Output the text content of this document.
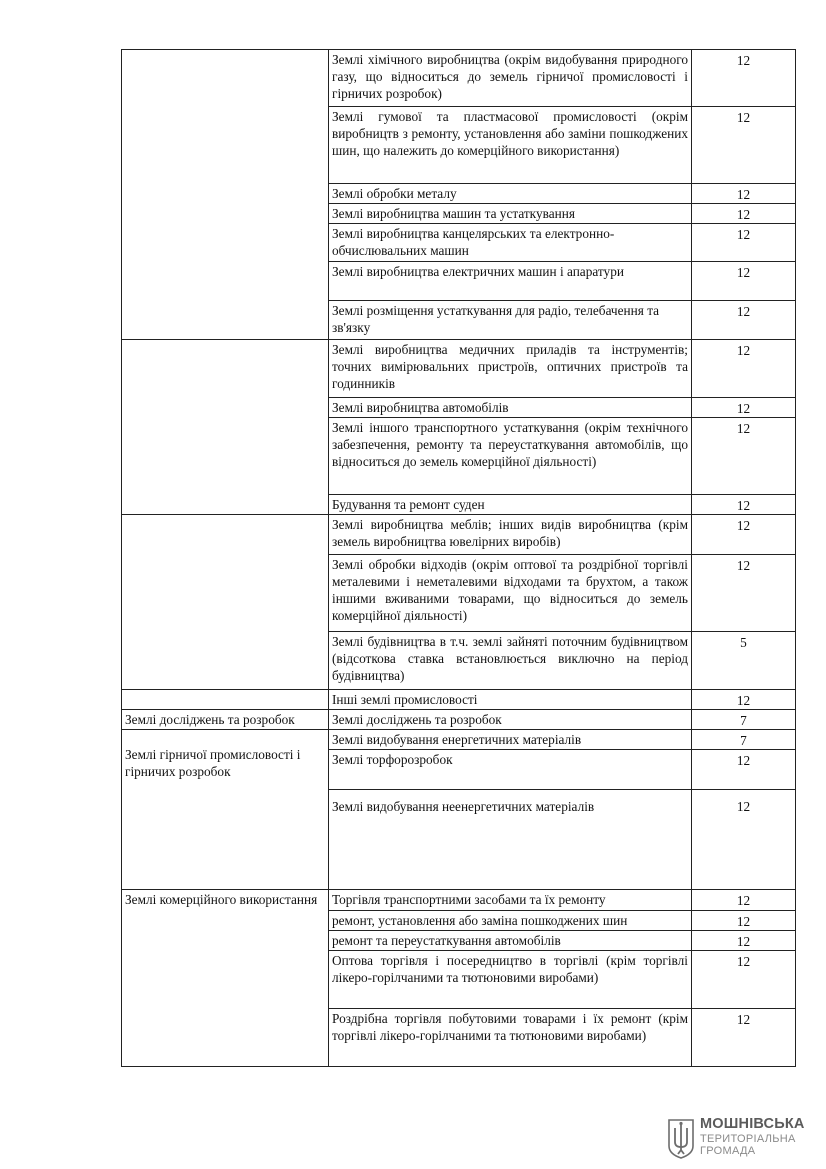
	Землі хімічного виробництва (окрім видобування природного газу, що відноситься до земель гірничої промисловості і гірничих розробок)	12
	Землі гумової та пластмасової промисловості (окрім виробництв з ремонту, установлення або заміни пошкоджених шин, що належить до комерційного використання)	12
	Землі обробки металу	12
	Землі виробництва машин та устаткування	12
	Землі виробництва канцелярських та електронно-обчислювальних машин	12
	Землі виробництва електричних машин і апаратури	12
	Землі розміщення устаткування для радіо, телебачення та зв'язку	12
	Землі виробництва медичних приладів та інструментів; точних вимірювальних пристроїв, оптичних пристроїв та годинників	12
	Землі виробництва автомобілів	12
	Землі іншого транспортного устаткування (окрім технічного забезпечення, ремонту та переустаткування автомобілів, що відноситься до земель комерційної діяльності)	12
	Будування та ремонт суден	12
	Землі виробництва меблів; інших видів виробництва (крім земель виробництва ювелірних виробів)	12
	Землі обробки відходів (окрім оптової та роздрібної торгівлі металевими і неметалевими відходами та брухтом, а також іншими вживаними товарами, що відноситься до земель комерційної діяльності)	12
	Землі будівництва в т.ч. землі зайняті поточним будівництвом (відсоткова ставка встановлюється виключно на період будівництва)	5
	Інші землі промисловості	12
Землі досліджень та розробок	Землі досліджень та розробок	7
Землі гірничої промисловості і гірничих розробок	Землі видобування енергетичних матеріалів	7
	Землі торфорозробок	12
	Землі видобування неенергетичних матеріалів	12
Землі комерційного використання	Торгівля транспортними засобами та їх ремонту	12
	ремонт, установлення або заміна пошкоджених шин	12
	ремонт та переустаткування автомобілів	12
	Оптова торгівля і посередництво в торгівлі (крім торгівлі лікеро-горілчаними та тютюновими виробами)	12
	Роздрібна торгівля побутовими товарами і їх ремонт (крім торгівлі лікеро-горілчаними та тютюновими виробами)	12
МОШНІВСЬКА
ТЕРИТОРІАЛЬНА
ГРОМАДА
